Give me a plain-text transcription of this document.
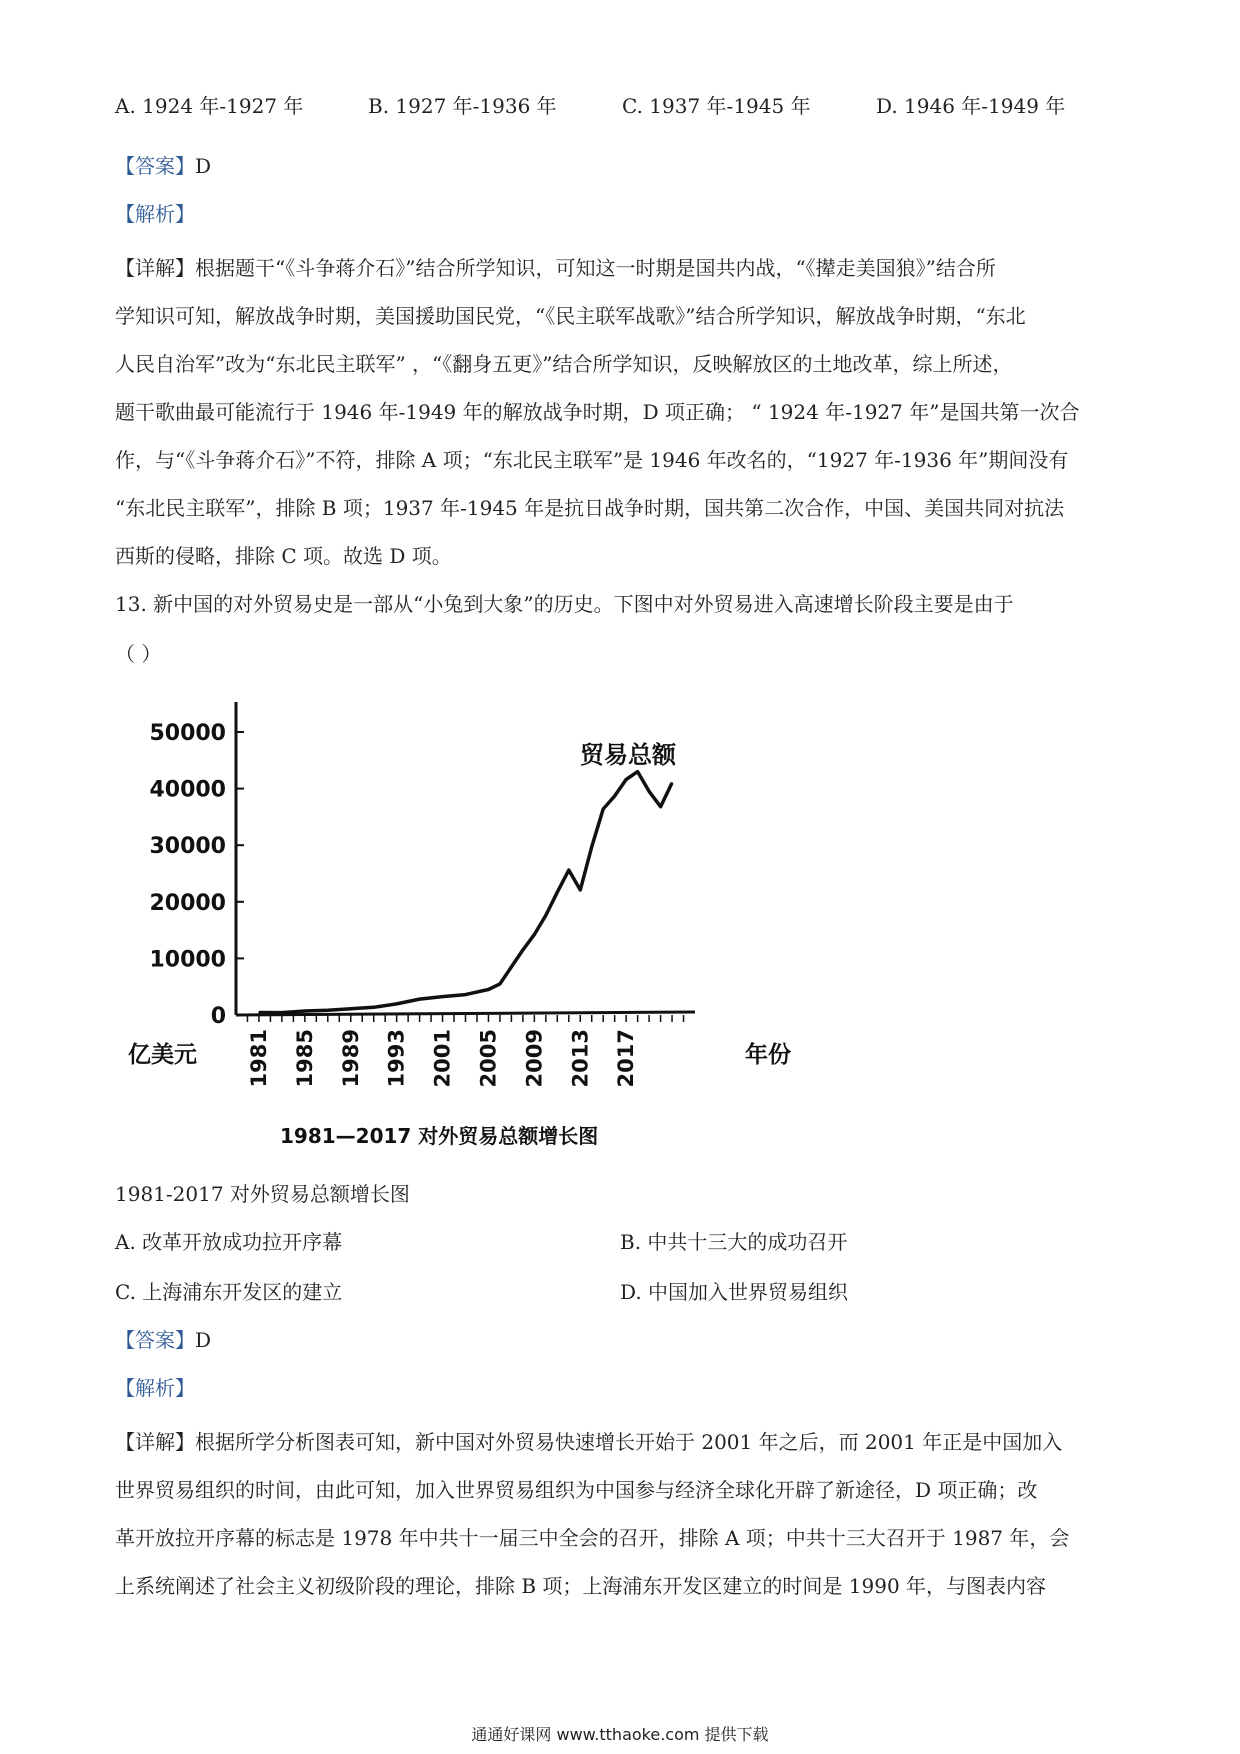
A. 1924 年-1927 年	B. 1927 年-1936 年	C. 1937 年-1945 年	D. 1946 年-1949 年
【答案】D
【解析】
【详解】根据题干“《斗争蒋介石》”结合所学知识，可知这一时期是国共内战，“《撵走美国狼》”结合所
学知识可知，解放战争时期，美国援助国民党，“《民主联军战歌》”结合所学知识，解放战争时期，“东北
人民自治军”改为“东北民主联军” ，“《翻身五更》”结合所学知识，反映解放区的土地改革，综上所述，
题干歌曲最可能流行于 1946 年-1949 年的解放战争时期，D 项正确； “ 1924 年-1927 年”是国共第一次合
作，与“《斗争蒋介石》”不符，排除 A 项；“东北民主联军”是 1946 年改名的，“1927 年-1936 年”期间没有
“东北民主联军”，排除 B 项；1937 年-1945 年是抗日战争时期，国共第二次合作，中国、美国共同对抗法
西斯的侵略，排除 C 项。故选 D 项。
13. 新中国的对外贸易史是一部从“小兔到大象”的历史。下图中对外贸易进入高速增长阶段主要是由于
（ ）
0
10000
20000
30000
40000
50000
1981 1985 1989 1993 2001 2005 2009 2013 2017
贸易总额
亿美元	年份
1981—2017 对外贸易总额增长图
1981-2017 对外贸易总额增长图
A. 改革开放成功拉开序幕	B. 中共十三大的成功召开
C. 上海浦东开发区的建立	D. 中国加入世界贸易组织
【答案】D
【解析】
【详解】根据所学分析图表可知，新中国对外贸易快速增长开始于 2001 年之后，而 2001 年正是中国加入
世界贸易组织的时间，由此可知，加入世界贸易组织为中国参与经济全球化开辟了新途径，D 项正确；改
革开放拉开序幕的标志是 1978 年中共十一届三中全会的召开，排除 A 项；中共十三大召开于 1987 年，会
上系统阐述了社会主义初级阶段的理论，排除 B 项；上海浦东开发区建立的时间是 1990 年，与图表内容
通通好课网 www.tthaoke.com 提供下载
